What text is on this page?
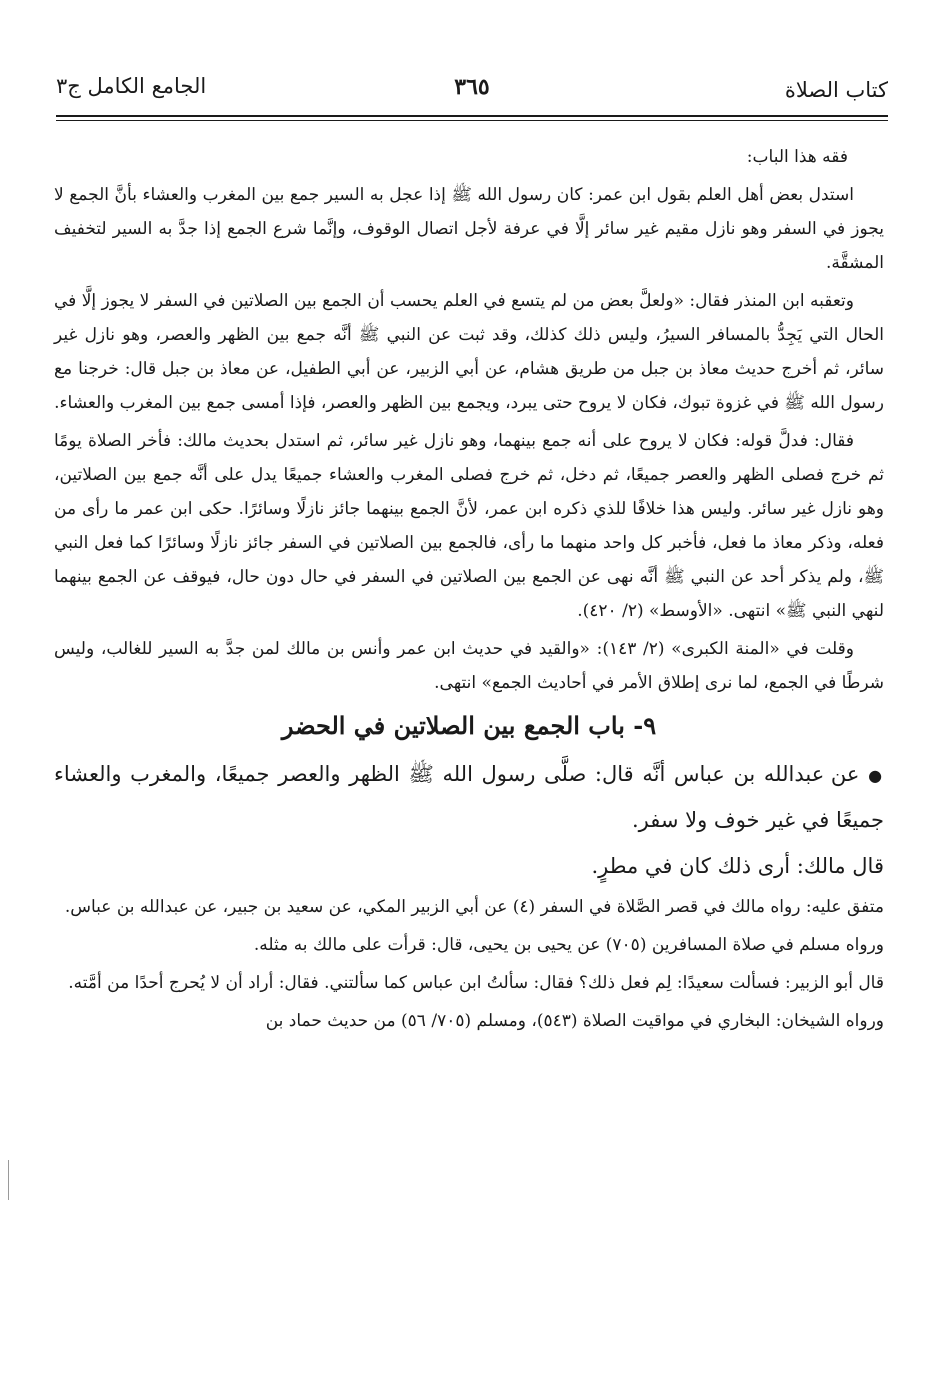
كتاب الصلاة
٣٦٥
الجامع الكامل ج٣

فقه هذا الباب:

استدل بعض أهل العلم بقول ابن عمر: كان رسول الله ﷺ إذا عجل به السير جمع بين المغرب والعشاء بأنَّ الجمع لا يجوز في السفر وهو نازل مقيم غير سائر إلَّا في عرفة لأجل اتصال الوقوف، وإنَّما شرع الجمع إذا جدَّ به السير لتخفيف المشقَّة.

وتعقبه ابن المنذر فقال: «ولعلَّ بعض من لم يتسع في العلم يحسب أن الجمع بين الصلاتين في السفر لا يجوز إلَّا في الحال التي يَجِدُّ بالمسافر السيرُ، وليس ذلك كذلك، وقد ثبت عن النبي ﷺ أنَّه جمع بين الظهر والعصر، وهو نازل غير سائر، ثم أخرج حديث معاذ بن جبل من طريق هشام، عن أبي الزبير، عن أبي الطفيل، عن معاذ بن جبل قال: خرجنا مع رسول الله ﷺ في غزوة تبوك، فكان لا يروح حتى يبرد، ويجمع بين الظهر والعصر، فإذا أمسى جمع بين المغرب والعشاء.

فقال: فدلَّ قوله: فكان لا يروح على أنه جمع بينهما، وهو نازل غير سائر، ثم استدل بحديث مالك: فأخر الصلاة يومًا ثم خرج فصلى الظهر والعصر جميعًا، ثم دخل، ثم خرج فصلى المغرب والعشاء جميعًا يدل على أنَّه جمع بين الصلاتين، وهو نازل غير سائر. وليس هذا خلافًا للذي ذكره ابن عمر، لأنَّ الجمع بينهما جائز نازلًا وسائرًا. حكى ابن عمر ما رأى من فعله، وذكر معاذ ما فعل، فأخبر كل واحد منهما ما رأى، فالجمع بين الصلاتين في السفر جائز نازلًا وسائرًا كما فعل النبي ﷺ، ولم يذكر أحد عن النبي ﷺ أنَّه نهى عن الجمع بين الصلاتين في السفر في حال دون حال، فيوقف عن الجمع بينهما لنهي النبي ﷺ» انتهى. «الأوسط» (٢/ ٤٢٠).

وقلت في «المنة الكبرى» (٢/ ١٤٣): «والقيد في حديث ابن عمر وأنس بن مالك لمن جدَّ به السير للغالب، وليس شرطًا في الجمع، لما نرى إطلاق الأمر في أحاديث الجمع» انتهى.

٩- باب الجمع بين الصلاتين في الحضر

● عن عبدالله بن عباس أنَّه قال: صلَّى رسول الله ﷺ الظهر والعصر جميعًا، والمغرب والعشاء جميعًا في غير خوف ولا سفر.

قال مالك: أرى ذلك كان في مطرٍ.

متفق عليه: رواه مالك في قصر الصَّلاة في السفر (٤) عن أبي الزبير المكي، عن سعيد بن جبير، عن عبدالله بن عباس.

ورواه مسلم في صلاة المسافرين (٧٠٥) عن يحيى بن يحيى، قال: قرأت على مالك به مثله.

قال أبو الزبير: فسألت سعيدًا: لِم فعل ذلك؟ فقال: سألتُ ابن عباس كما سألتني. فقال: أراد أن لا يُحرج أحدًا من أمَّته.

ورواه الشيخان: البخاري في مواقيت الصلاة (٥٤٣)، ومسلم (٧٠٥/ ٥٦) من حديث حماد بن
